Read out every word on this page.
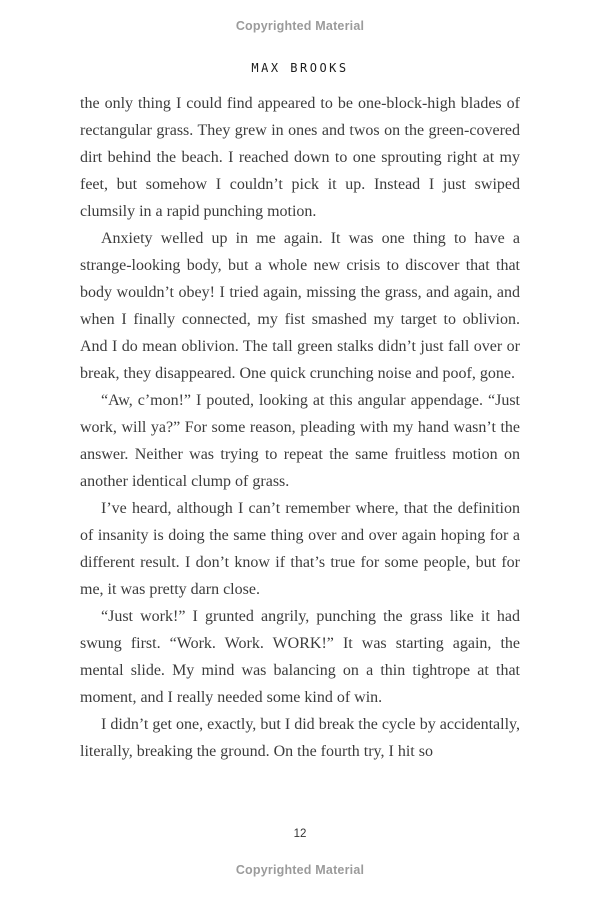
Copyrighted Material
MAX BROOKS

the only thing I could find appeared to be one-block-high blades of rectangular grass. They grew in ones and twos on the green-covered dirt behind the beach. I reached down to one sprouting right at my feet, but somehow I couldn’t pick it up. Instead I just swiped clumsily in a rapid punching motion.

Anxiety welled up in me again. It was one thing to have a strange-looking body, but a whole new crisis to discover that that body wouldn’t obey! I tried again, missing the grass, and again, and when I finally connected, my fist smashed my target to oblivion. And I do mean oblivion. The tall green stalks didn’t just fall over or break, they disappeared. One quick crunching noise and poof, gone.

“Aw, c’mon!” I pouted, looking at this angular appendage. “Just work, will ya?” For some reason, pleading with my hand wasn’t the answer. Neither was trying to repeat the same fruitless motion on another identical clump of grass.

I’ve heard, although I can’t remember where, that the definition of insanity is doing the same thing over and over again hoping for a different result. I don’t know if that’s true for some people, but for me, it was pretty darn close.

“Just work!” I grunted angrily, punching the grass like it had swung first. “Work. Work. WORK!” It was starting again, the mental slide. My mind was balancing on a thin tightrope at that moment, and I really needed some kind of win.

I didn’t get one, exactly, but I did break the cycle by accidentally, literally, breaking the ground. On the fourth try, I hit so

12
Copyrighted Material
